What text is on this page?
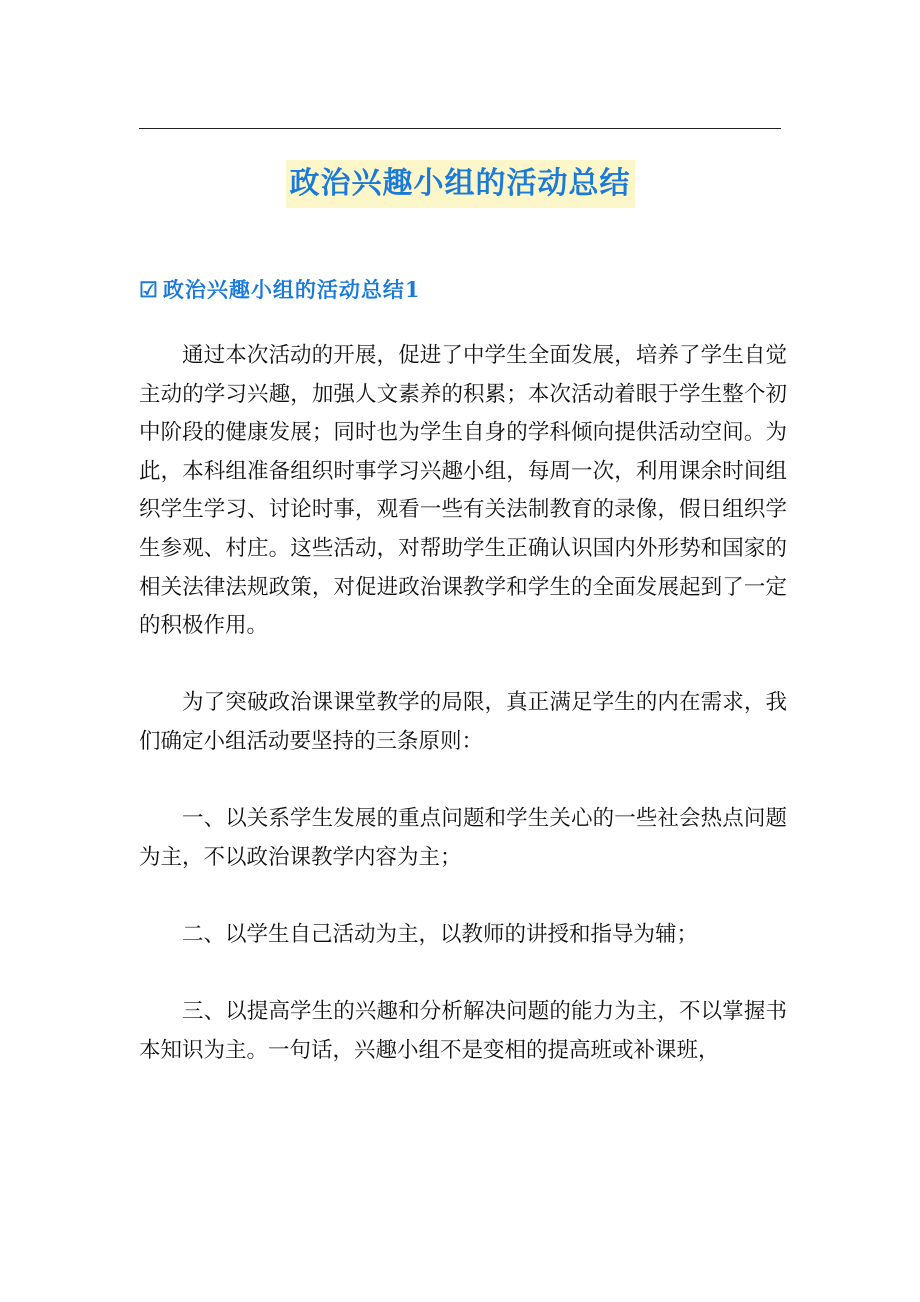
政治兴趣小组的活动总结
☑ 政治兴趣小组的活动总结1

通过本次活动的开展，促进了中学生全面发展，培养了学生自觉主动的学习兴趣，加强人文素养的积累；本次活动着眼于学生整个初中阶段的健康发展；同时也为学生自身的学科倾向提供活动空间。为此，本科组准备组织时事学习兴趣小组，每周一次，利用课余时间组织学生学习、讨论时事，观看一些有关法制教育的录像，假日组织学生参观、村庄。这些活动，对帮助学生正确认识国内外形势和国家的相关法律法规政策，对促进政治课教学和学生的全面发展起到了一定的积极作用。

为了突破政治课课堂教学的局限，真正满足学生的内在需求，我们确定小组活动要坚持的三条原则：

一、以关系学生发展的重点问题和学生关心的一些社会热点问题为主，不以政治课教学内容为主；

二、以学生自己活动为主，以教师的讲授和指导为辅；

三、以提高学生的兴趣和分析解决问题的能力为主，不以掌握书本知识为主。一句话，兴趣小组不是变相的提高班或补课班，
